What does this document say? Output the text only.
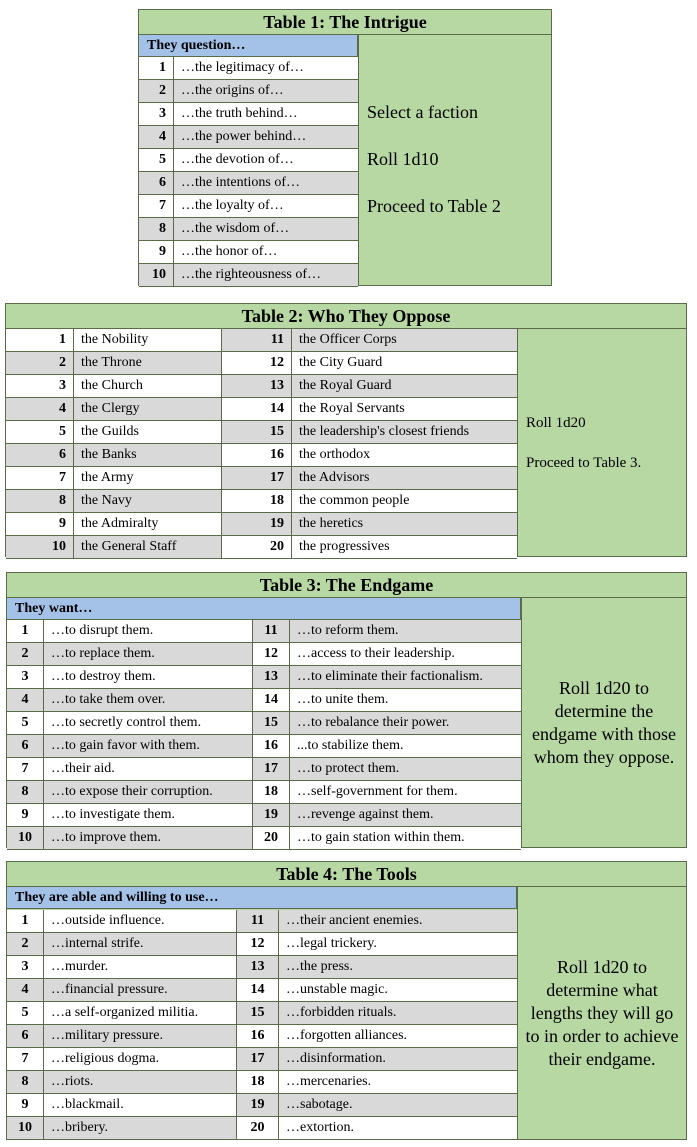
Table 1: The Intrigue
They question…
1	…the legitimacy of…
2	…the origins of…
3	…the truth behind…
4	…the power behind…
5	…the devotion of…
6	…the intentions of…
7	…the loyalty of…
8	…the wisdom of…
9	…the honor of…
10	…the righteousness of…
Select a faction
Roll 1d10
Proceed to Table 2
Table 2: Who They Oppose
1	the Nobility	11	the Officer Corps
2	the Throne	12	the City Guard
3	the Church	13	the Royal Guard
4	the Clergy	14	the Royal Servants
5	the Guilds	15	the leadership's closest friends
6	the Banks	16	the orthodox
7	the Army	17	the Advisors
8	the Navy	18	the common people
9	the Admiralty	19	the heretics
10	the General Staff	20	the progressives
Roll 1d20
Proceed to Table 3.
Table 3: The Endgame
They want…
1	…to disrupt them.	11	…to reform them.
2	…to replace them.	12	…access to their leadership.
3	…to destroy them.	13	…to eliminate their factionalism.
4	…to take them over.	14	…to unite them.
5	…to secretly control them.	15	…to rebalance their power.
6	…to gain favor with them.	16	...to stabilize them.
7	…their aid.	17	…to protect them.
8	…to expose their corruption.	18	…self-government for them.
9	…to investigate them.	19	…revenge against them.
10	…to improve them.	20	…to gain station within them.
Roll 1d20 to determine the endgame with those whom they oppose.
Table 4: The Tools
They are able and willing to use…
1	…outside influence.	11	…their ancient enemies.
2	…internal strife.	12	…legal trickery.
3	…murder.	13	…the press.
4	…financial pressure.	14	…unstable magic.
5	…a self-organized militia.	15	…forbidden rituals.
6	…military pressure.	16	…forgotten alliances.
7	…religious dogma.	17	…disinformation.
8	…riots.	18	…mercenaries.
9	…blackmail.	19	…sabotage.
10	…bribery.	20	…extortion.
Roll 1d20 to determine what lengths they will go to in order to achieve their endgame.
